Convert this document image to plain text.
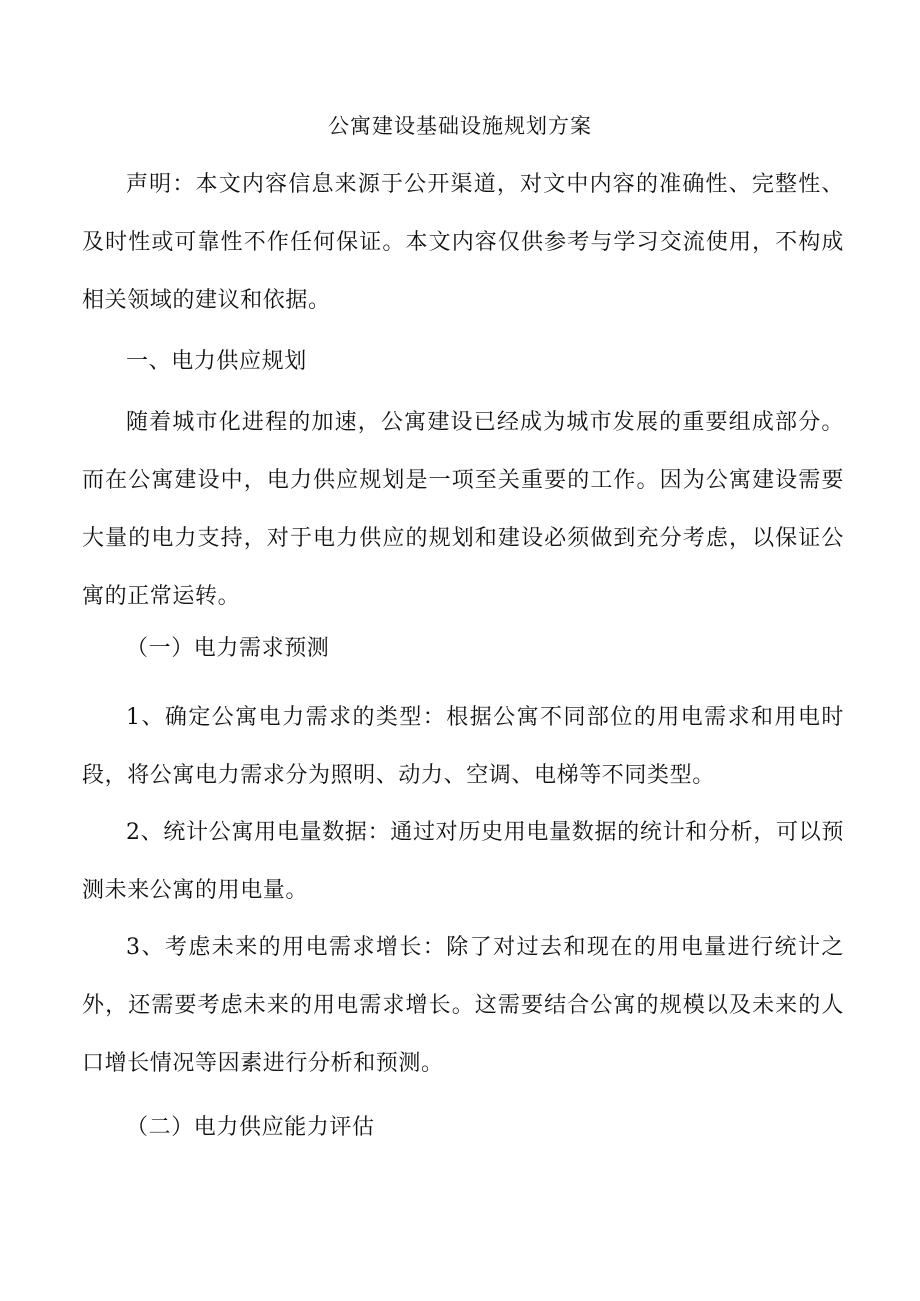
公寓建设基础设施规划方案

声明：本文内容信息来源于公开渠道，对文中内容的准确性、完整性、及时性或可靠性不作任何保证。本文内容仅供参考与学习交流使用，不构成相关领域的建议和依据。

一、电力供应规划

随着城市化进程的加速，公寓建设已经成为城市发展的重要组成部分。而在公寓建设中，电力供应规划是一项至关重要的工作。因为公寓建设需要大量的电力支持，对于电力供应的规划和建设必须做到充分考虑，以保证公寓的正常运转。

（一）电力需求预测

1、确定公寓电力需求的类型：根据公寓不同部位的用电需求和用电时段，将公寓电力需求分为照明、动力、空调、电梯等不同类型。

2、统计公寓用电量数据：通过对历史用电量数据的统计和分析，可以预测未来公寓的用电量。

3、考虑未来的用电需求增长：除了对过去和现在的用电量进行统计之外，还需要考虑未来的用电需求增长。这需要结合公寓的规模以及未来的人口增长情况等因素进行分析和预测。

（二）电力供应能力评估
